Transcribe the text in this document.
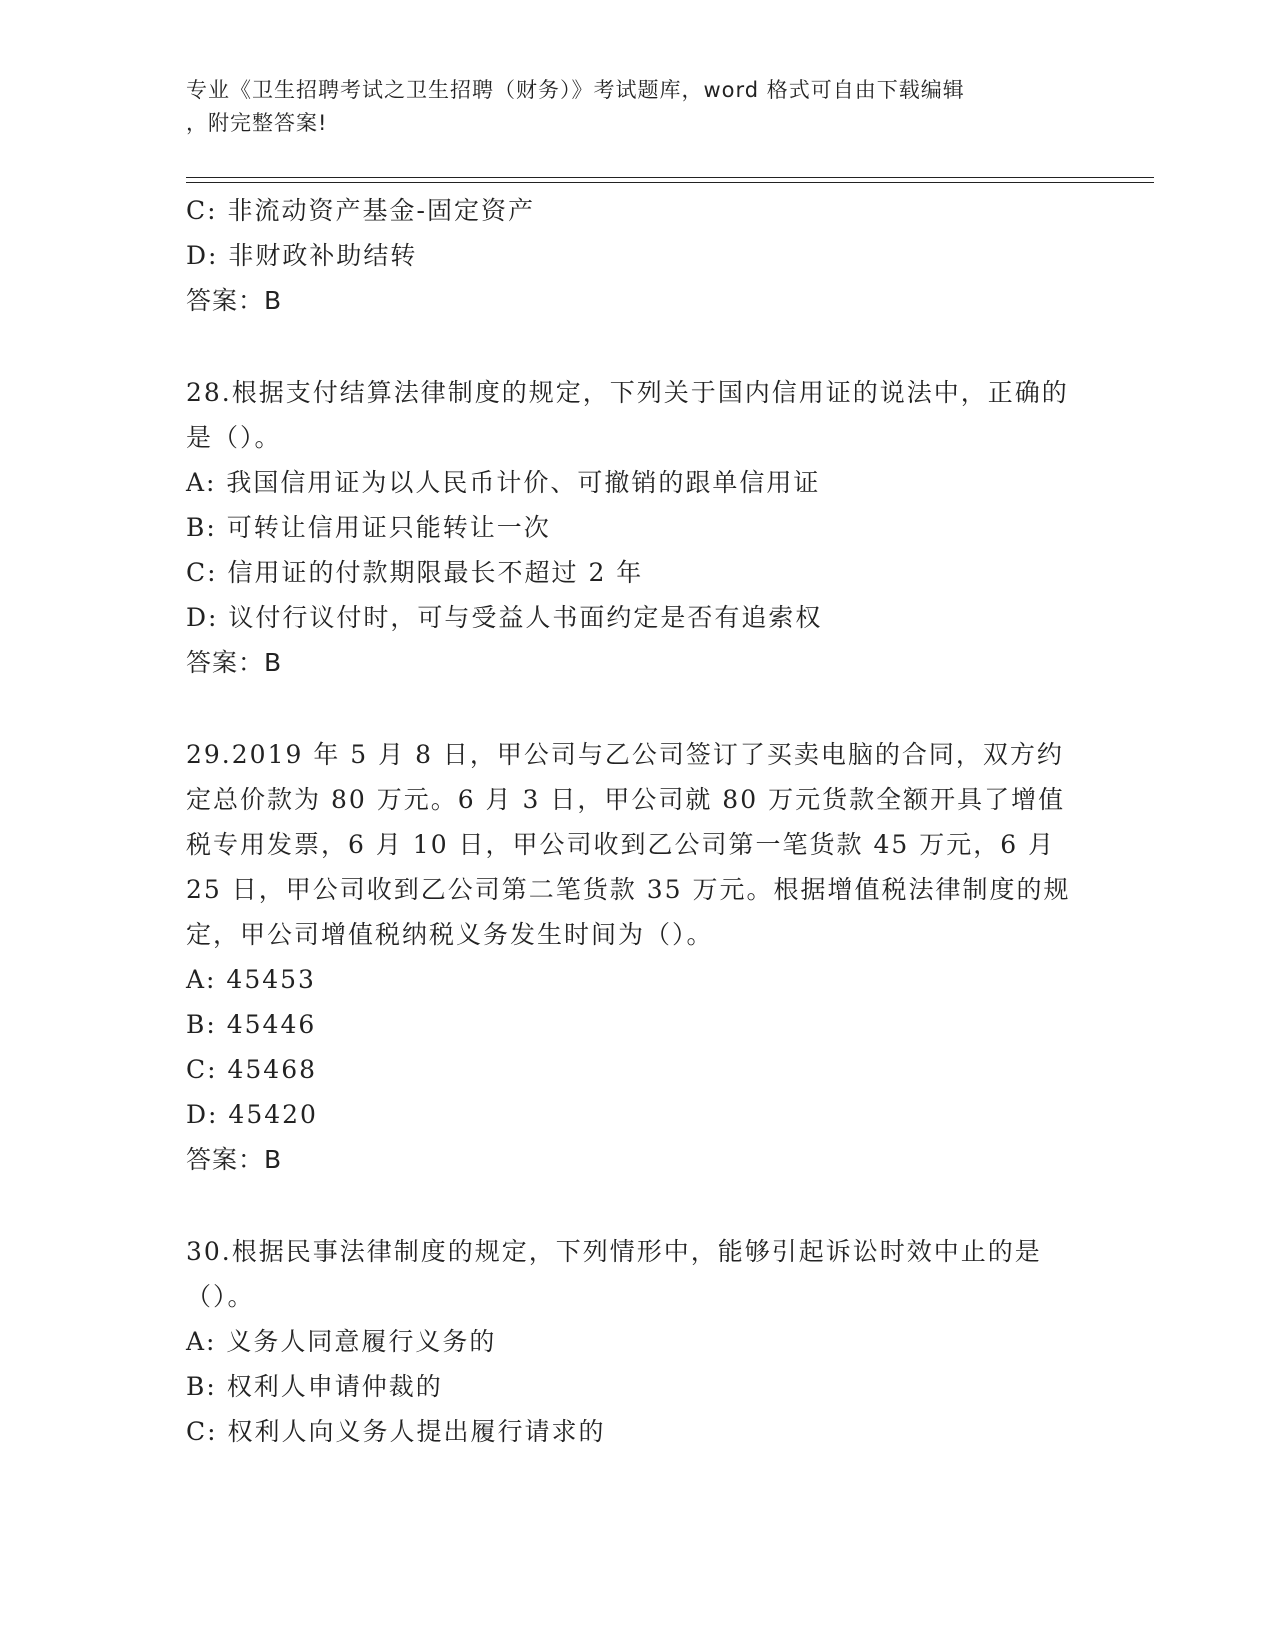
专业《卫生招聘考试之卫生招聘（财务）》考试题库，word 格式可自由下载编辑
，附完整答案!
C: 非流动资产基金-固定资产
D: 非财政补助结转
答案：B
28.根据支付结算法律制度的规定，下列关于国内信用证的说法中，正确的是（）。
A: 我国信用证为以人民币计价、可撤销的跟单信用证
B: 可转让信用证只能转让一次
C: 信用证的付款期限最长不超过 2 年
D: 议付行议付时，可与受益人书面约定是否有追索权
答案：B
29.2019 年 5 月 8 日，甲公司与乙公司签订了买卖电脑的合同，双方约定总价款为 80 万元。6 月 3 日，甲公司就 80 万元货款全额开具了增值税专用发票，6 月 10 日，甲公司收到乙公司第一笔货款 45 万元，6 月 25 日，甲公司收到乙公司第二笔货款 35 万元。根据增值税法律制度的规定，甲公司增值税纳税义务发生时间为（）。
A: 45453
B: 45446
C: 45468
D: 45420
答案：B
30.根据民事法律制度的规定，下列情形中，能够引起诉讼时效中止的是（）。
A: 义务人同意履行义务的
B: 权利人申请仲裁的
C: 权利人向义务人提出履行请求的
